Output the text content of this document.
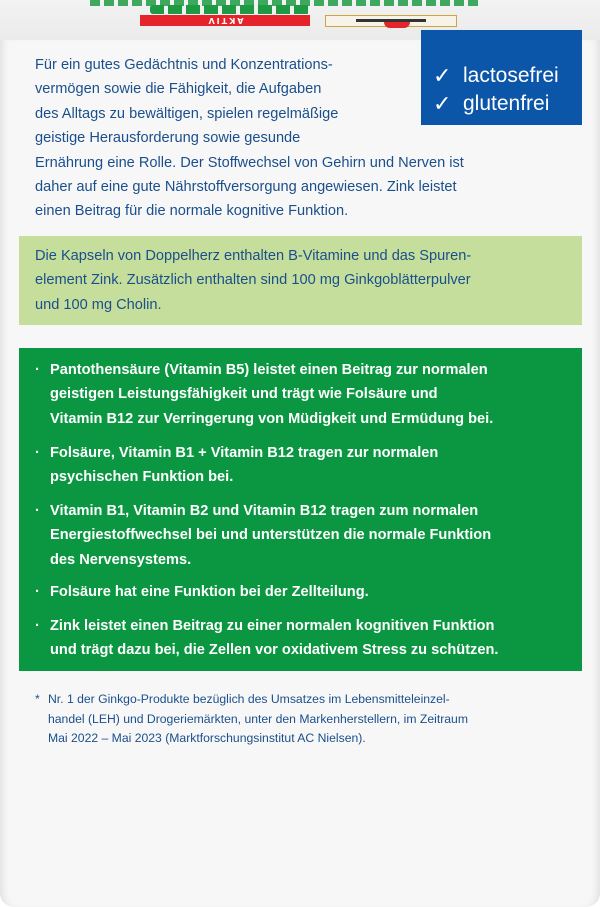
AKTIV
Für ein gutes Gedächtnis und Konzentrations-
vermögen sowie die Fähigkeit, die Aufgaben
des Alltags zu bewältigen, spielen regelmäßige
geistige Herausforderung sowie gesunde
Ernährung eine Rolle. Der Stoffwechsel von Gehirn und Nerven ist
daher auf eine gute Nährstoffversorgung angewiesen. Zink leistet
einen Beitrag für die normale kognitive Funktion.
✓ lactosefrei
✓ glutenfrei
Die Kapseln von Doppelherz enthalten B-Vitamine und das Spuren-
element Zink. Zusätzlich enthalten sind 100 mg Ginkgoblätterpulver
und 100 mg Cholin.
· Pantothensäure (Vitamin B5) leistet einen Beitrag zur normalen
geistigen Leistungsfähigkeit und trägt wie Folsäure und
Vitamin B12 zur Verringerung von Müdigkeit und Ermüdung bei.
· Folsäure, Vitamin B1 + Vitamin B12 tragen zur normalen
psychischen Funktion bei.
· Vitamin B1, Vitamin B2 und Vitamin B12 tragen zum normalen
Energiestoffwechsel bei und unterstützen die normale Funktion
des Nervensystems.
· Folsäure hat eine Funktion bei der Zellteilung.
· Zink leistet einen Beitrag zu einer normalen kognitiven Funktion
und trägt dazu bei, die Zellen vor oxidativem Stress zu schützen.
* Nr. 1 der Ginkgo-Produkte bezüglich des Umsatzes im Lebensmitteleinzel-
handel (LEH) und Drogeriemärkten, unter den Markenherstellern, im Zeitraum
Mai 2022 – Mai 2023 (Marktforschungsinstitut AC Nielsen).
